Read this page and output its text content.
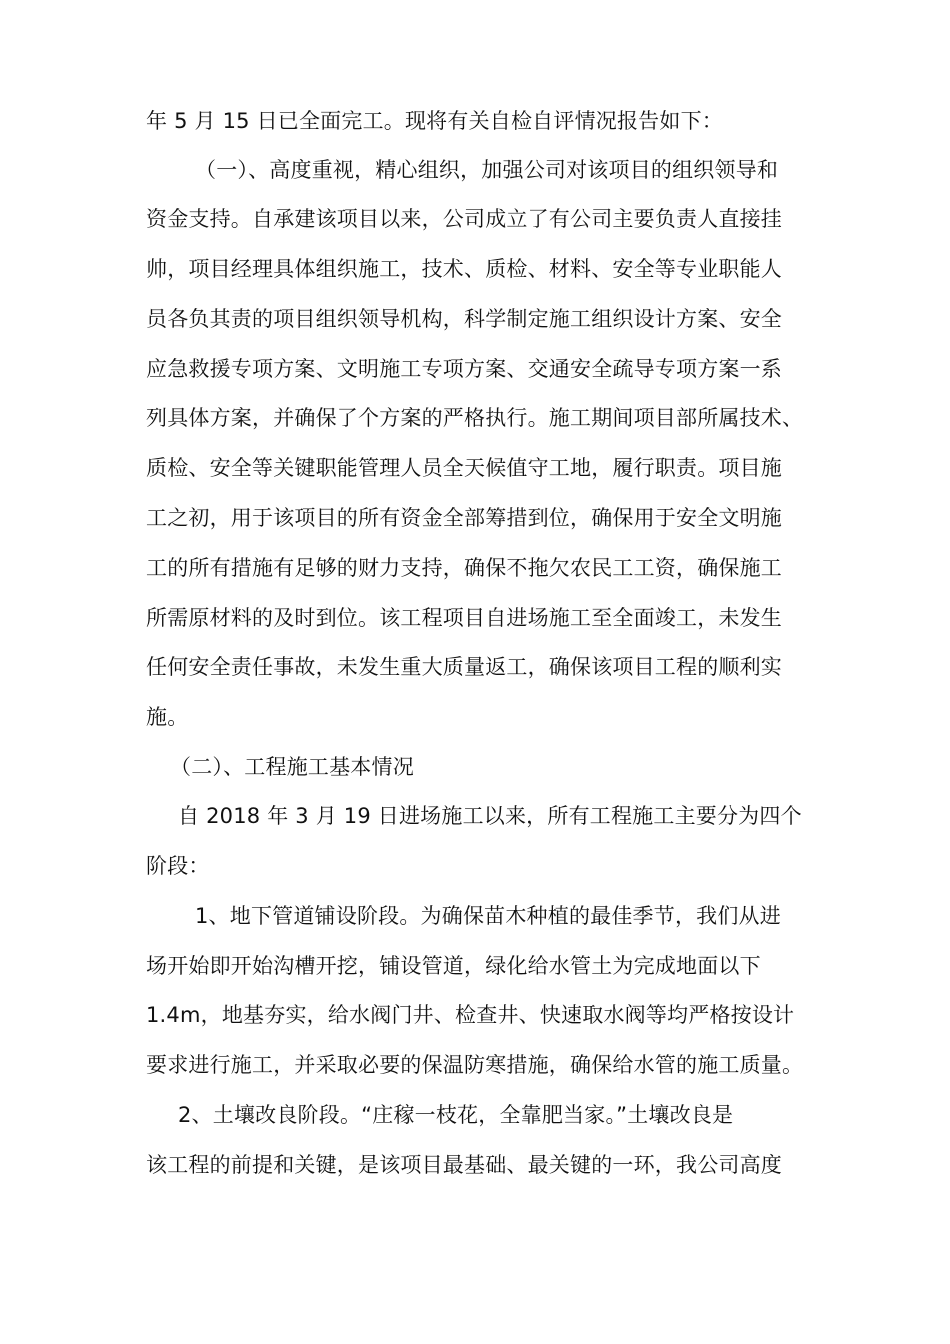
年 5 月 15 日已全面完工。现将有关自检自评情况报告如下：
（一）、高度重视，精心组织，加强公司对该项目的组织领导和
资金支持。自承建该项目以来，公司成立了有公司主要负责人直接挂
帅，项目经理具体组织施工，技术、质检、材料、安全等专业职能人
员各负其责的项目组织领导机构，科学制定施工组织设计方案、安全
应急救援专项方案、文明施工专项方案、交通安全疏导专项方案一系
列具体方案，并确保了个方案的严格执行。施工期间项目部所属技术、
质检、安全等关键职能管理人员全天候值守工地，履行职责。项目施
工之初，用于该项目的所有资金全部筹措到位，确保用于安全文明施
工的所有措施有足够的财力支持，确保不拖欠农民工工资，确保施工
所需原材料的及时到位。该工程项目自进场施工至全面竣工，未发生
任何安全责任事故，未发生重大质量返工，确保该项目工程的顺利实
施。
（二）、工程施工基本情况
自 2018 年 3 月 19 日进场施工以来，所有工程施工主要分为四个
阶段：
1、地下管道铺设阶段。为确保苗木种植的最佳季节，我们从进
场开始即开始沟槽开挖，铺设管道，绿化给水管土为完成地面以下
1.4m，地基夯实，给水阀门井、检查井、快速取水阀等均严格按设计
要求进行施工，并采取必要的保温防寒措施，确保给水管的施工质量。
2、土壤改良阶段。“庄稼一枝花，全靠肥当家。”土壤改良是
该工程的前提和关键，是该项目最基础、最关键的一环，我公司高度
